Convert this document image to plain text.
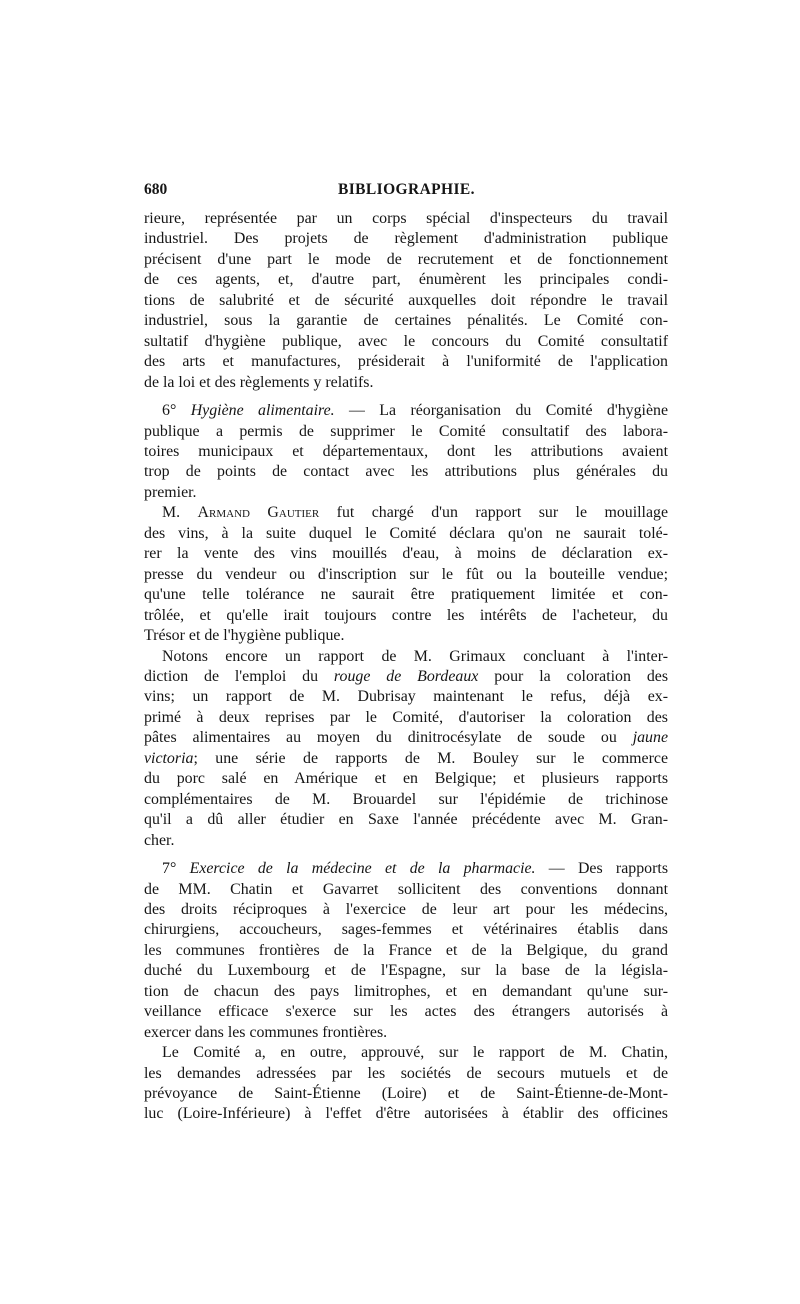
680	BIBLIOGRAPHIE.

rieure, représentée par un corps spécial d'inspecteurs du travail
industriel. Des projets de règlement d'administration publique
précisent d'une part le mode de recrutement et de fonctionnement
de ces agents, et, d'autre part, énumèrent les principales condi-
tions de salubrité et de sécurité auxquelles doit répondre le travail
industriel, sous la garantie de certaines pénalités. Le Comité con-
sultatif d'hygiène publique, avec le concours du Comité consultatif
des arts et manufactures, présiderait à l'uniformité de l'application
de la loi et des règlements y relatifs.

6° Hygiène alimentaire. — La réorganisation du Comité d'hygiène
publique a permis de supprimer le Comité consultatif des labora-
toires municipaux et départementaux, dont les attributions avaient
trop de points de contact avec les attributions plus générales du
premier.

M. Armand Gautier fut chargé d'un rapport sur le mouillage
des vins, à la suite duquel le Comité déclara qu'on ne saurait tolé-
rer la vente des vins mouillés d'eau, à moins de déclaration ex-
presse du vendeur ou d'inscription sur le fût ou la bouteille vendue;
qu'une telle tolérance ne saurait être pratiquement limitée et con-
trôlée, et qu'elle irait toujours contre les intérêts de l'acheteur, du
Trésor et de l'hygiène publique.

Notons encore un rapport de M. Grimaux concluant à l'inter-
diction de l'emploi du rouge de Bordeaux pour la coloration des
vins; un rapport de M. Dubrisay maintenant le refus, déjà ex-
primé à deux reprises par le Comité, d'autoriser la coloration des
pâtes alimentaires au moyen du dinitrocésylate de soude ou jaune
victoria; une série de rapports de M. Bouley sur le commerce
du porc salé en Amérique et en Belgique; et plusieurs rapports
complémentaires de M. Brouardel sur l'épidémie de trichinose
qu'il a dû aller étudier en Saxe l'année précédente avec M. Gran-
cher.

7° Exercice de la médecine et de la pharmacie. — Des rapports
de MM. Chatin et Gavarret sollicitent des conventions donnant
des droits réciproques à l'exercice de leur art pour les médecins,
chirurgiens, accoucheurs, sages-femmes et vétérinaires établis dans
les communes frontières de la France et de la Belgique, du grand
duché du Luxembourg et de l'Espagne, sur la base de la législa-
tion de chacun des pays limitrophes, et en demandant qu'une sur-
veillance efficace s'exerce sur les actes des étrangers autorisés à
exercer dans les communes frontières.

Le Comité a, en outre, approuvé, sur le rapport de M. Chatin,
les demandes adressées par les sociétés de secours mutuels et de
prévoyance de Saint-Étienne (Loire) et de Saint-Étienne-de-Mont-
luc (Loire-Inférieure) à l'effet d'être autorisées à établir des officines
